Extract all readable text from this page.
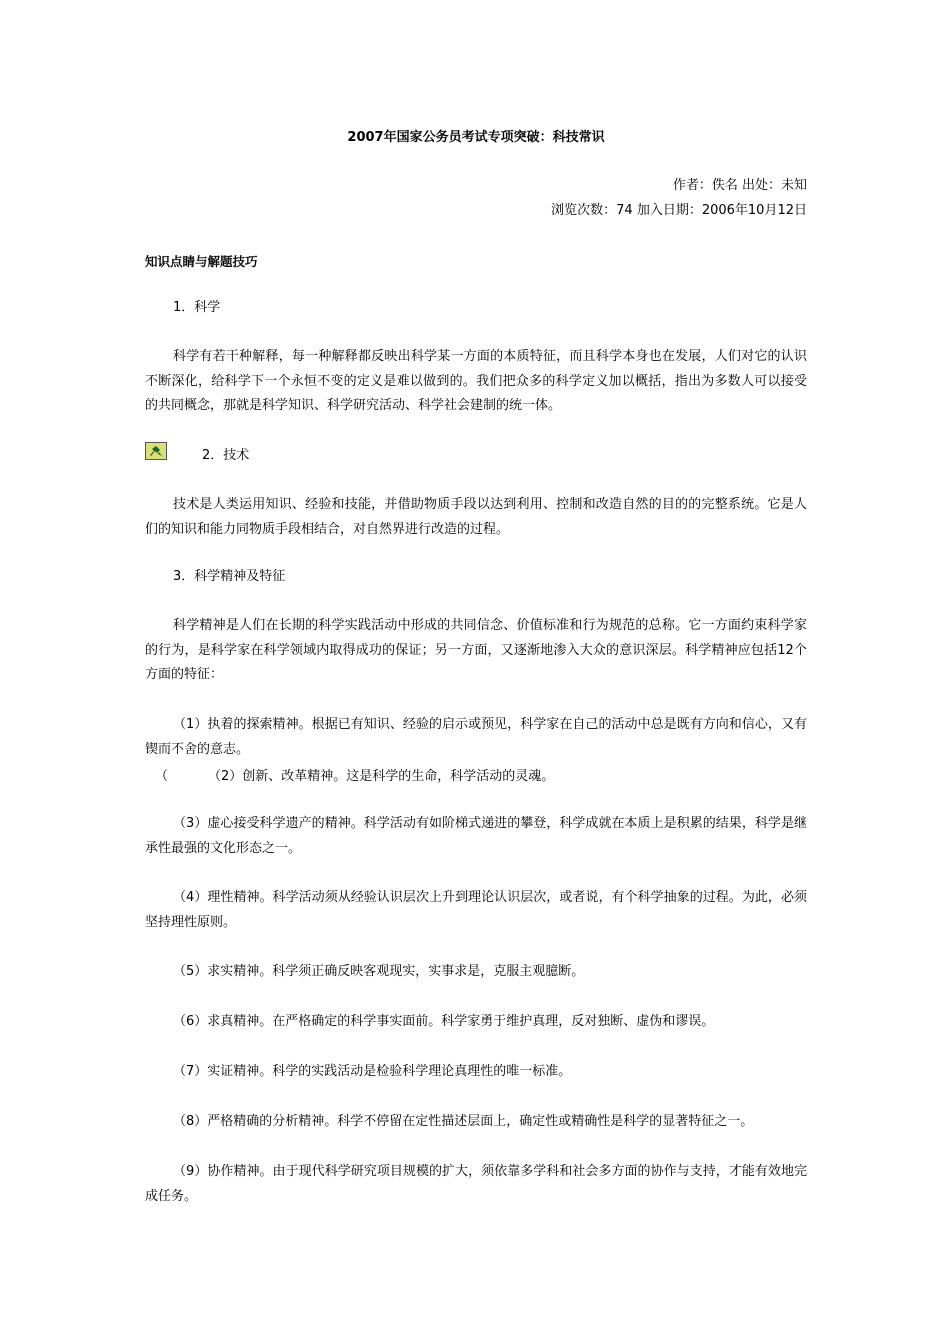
2007年国家公务员考试专项突破：科技常识
作者：佚名 出处：未知
浏览次数：74 加入日期：2006年10月12日
知识点睛与解题技巧
1．科学

科学有若干种解释，每一种解释都反映出科学某一方面的本质特征，而且科学本身也在发展，人们对它的认识不断深化，给科学下一个永恒不变的定义是难以做到的。我们把众多的科学定义加以概括，指出为多数人可以接受的共同概念，那就是科学知识、科学研究活动、科学社会建制的统一体。

2．技术

技术是人类运用知识、经验和技能，并借助物质手段以达到利用、控制和改造自然的目的的完整系统。它是人们的知识和能力同物质手段相结合，对自然界进行改造的过程。

3．科学精神及特征

科学精神是人们在长期的科学实践活动中形成的共同信念、价值标准和行为规范的总称。它一方面约束科学家的行为，是科学家在科学领域内取得成功的保证；另一方面，又逐渐地渗入大众的意识深层。科学精神应包括12个方面的特征：

（1）执着的探索精神。根据已有知识、经验的启示或预见，科学家在自己的活动中总是既有方向和信心，又有锲而不舍的意志。

（	（2）创新、改革精神。这是科学的生命，科学活动的灵魂。

（3）虚心接受科学遗产的精神。科学活动有如阶梯式递进的攀登，科学成就在本质上是积累的结果，科学是继承性最强的文化形态之一。

（4）理性精神。科学活动须从经验认识层次上升到理论认识层次，或者说，有个科学抽象的过程。为此，必须坚持理性原则。

（5）求实精神。科学须正确反映客观现实，实事求是，克服主观臆断。

（6）求真精神。在严格确定的科学事实面前。科学家勇于维护真理，反对独断、虚伪和谬误。

（7）实证精神。科学的实践活动是检验科学理论真理性的唯一标准。

（8）严格精确的分析精神。科学不停留在定性描述层面上，确定性或精确性是科学的显著特征之一。

（9）协作精神。由于现代科学研究项目规模的扩大，须依靠多学科和社会多方面的协作与支持，才能有效地完成任务。
